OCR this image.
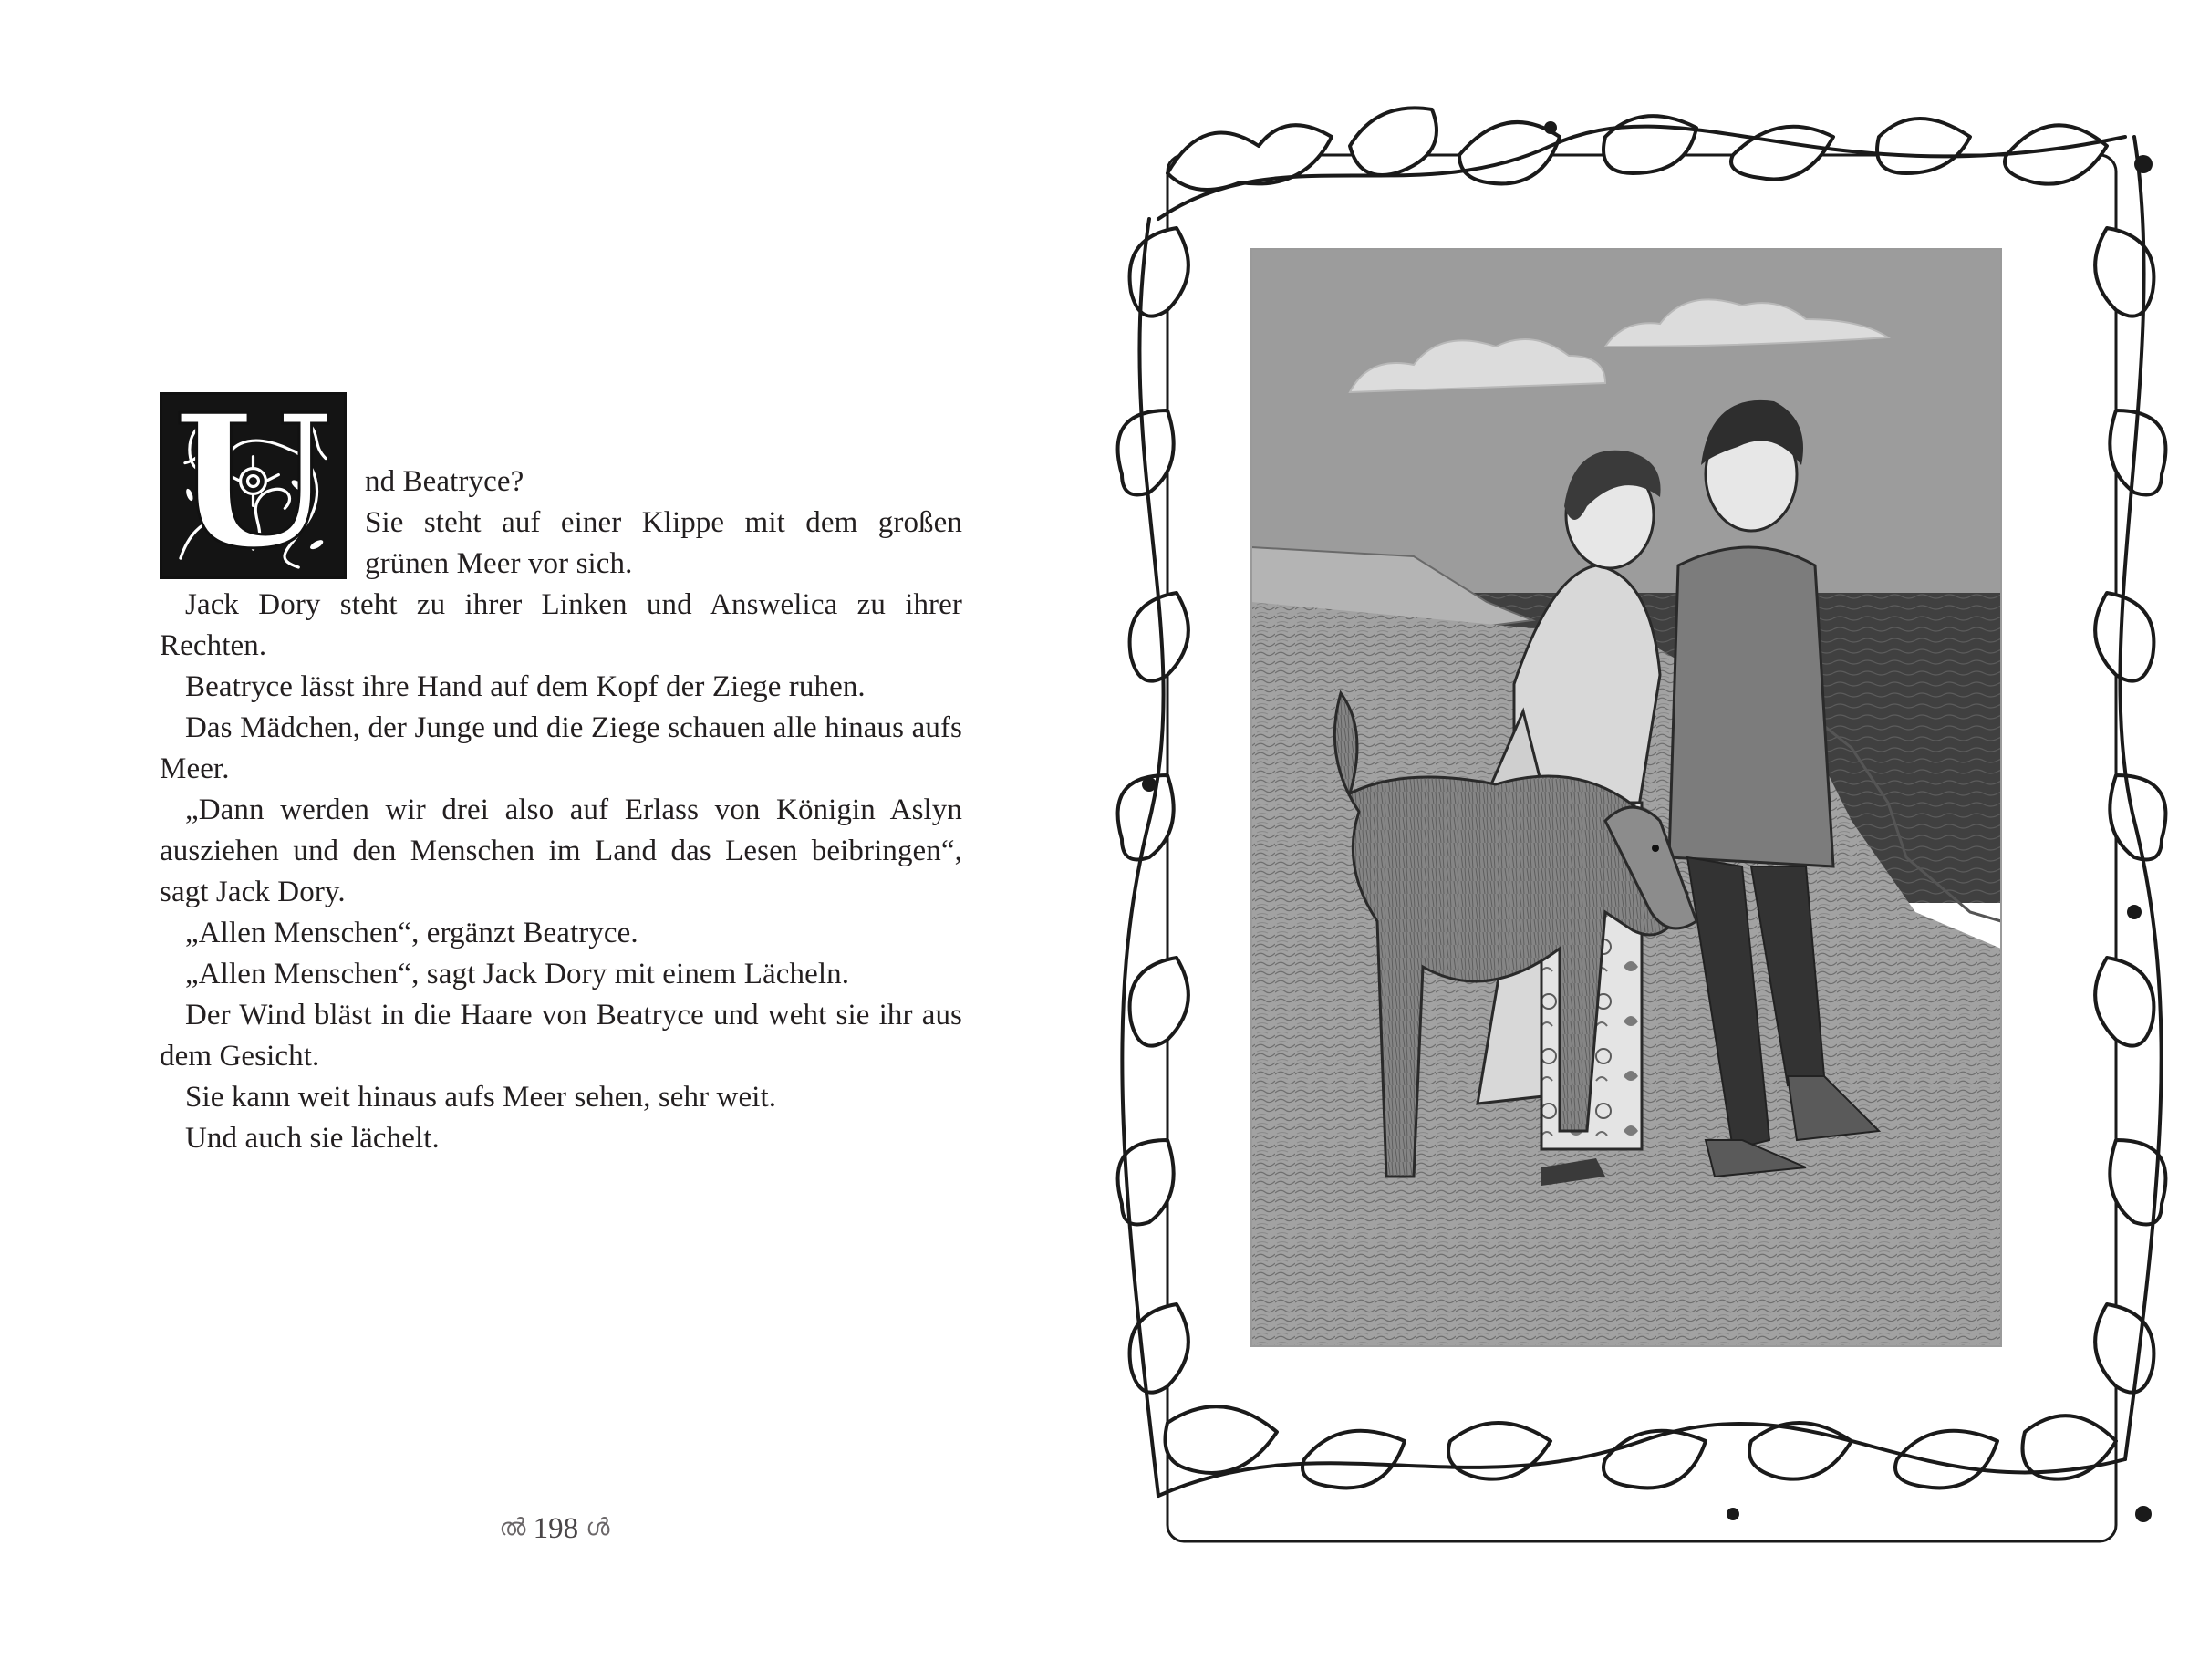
U	nd Beatryce?

Sie steht auf einer Klippe mit dem großen grünen Meer vor sich.

Jack Dory steht zu ihrer Linken und Answelica zu ihrer Rechten.

Beatryce lässt ihre Hand auf dem Kopf der Ziege ruhen.

Das Mädchen, der Junge und die Ziege schauen alle hinaus aufs Meer.

„Dann werden wir drei also auf Erlass von Königin Aslyn ausziehen und den Menschen im Land das Lesen beibringen“, sagt Jack Dory.

„Allen Menschen“, ergänzt Beatryce.

„Allen Menschen“, sagt Jack Dory mit einem Lächeln.

Der Wind bläst in die Haare von Beatryce und weht sie ihr aus dem Gesicht.

Sie kann weit hinaus aufs Meer sehen, sehr weit.

Und auch sie lächelt.

ൽ 198 ൾ
